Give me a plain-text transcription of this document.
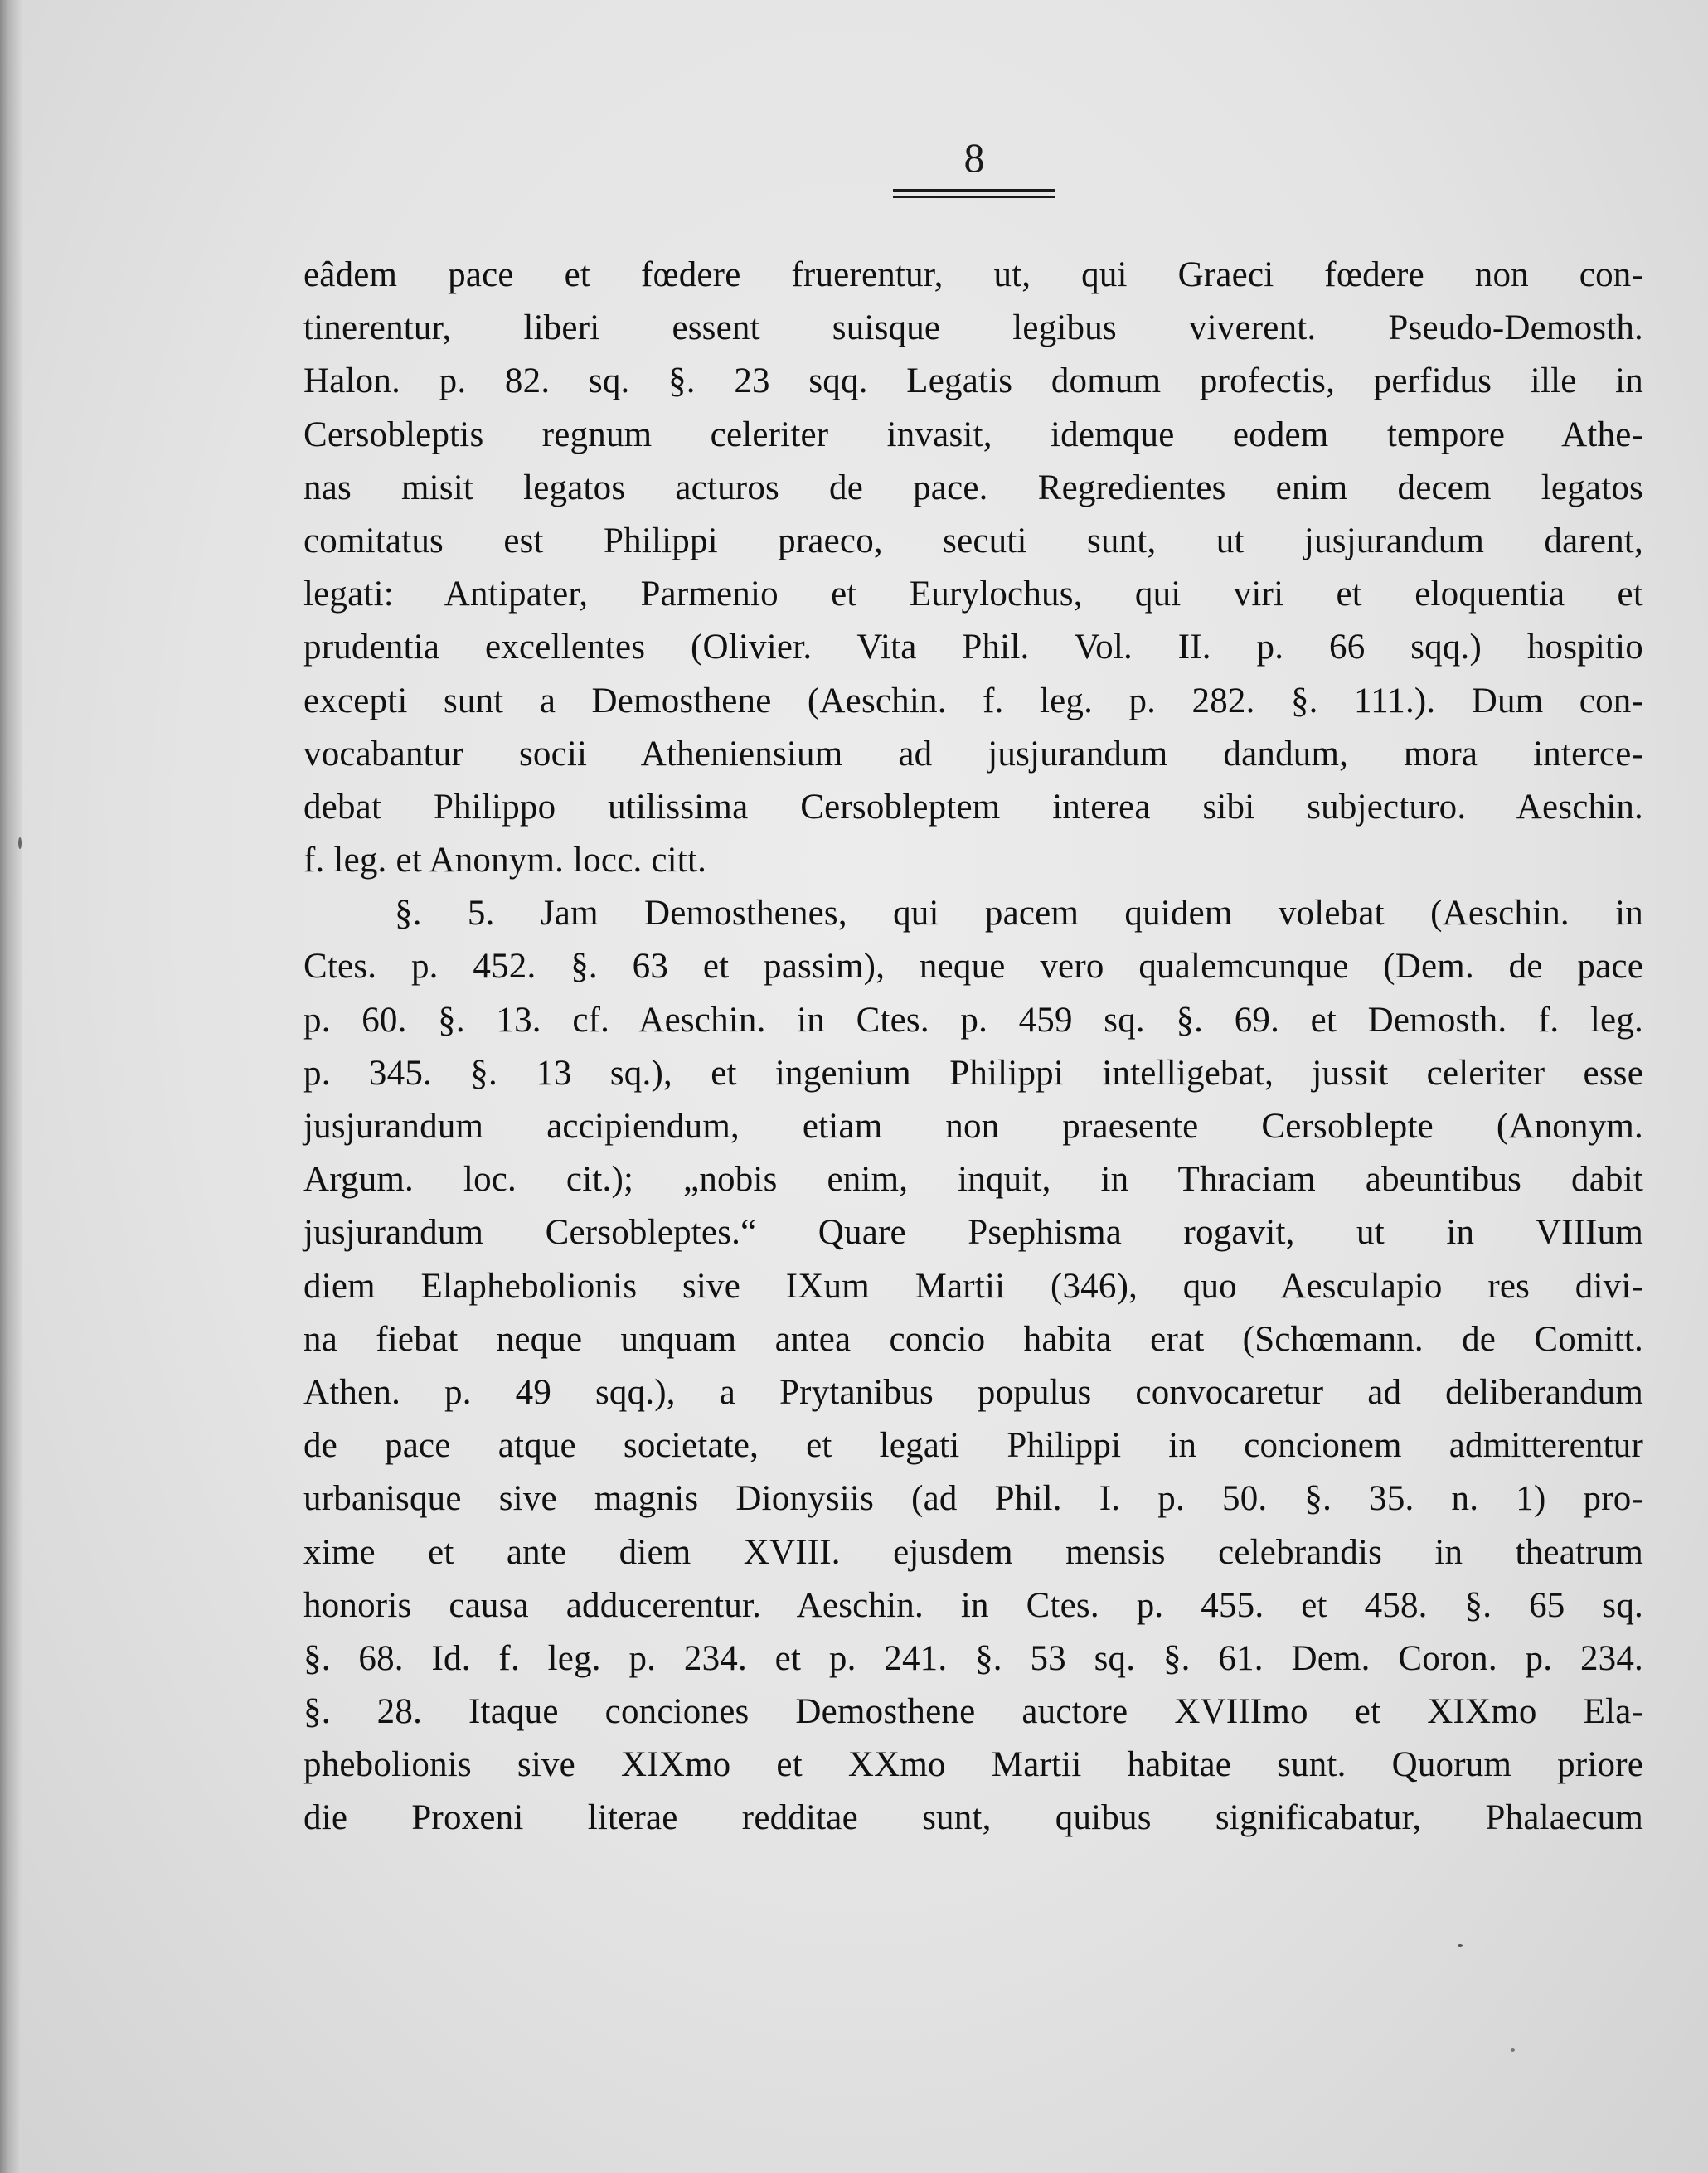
8
eâdem pace et fœdere fruerentur, ut, qui Graeci fœdere non con-
tinerentur, liberi essent suisque legibus viverent. Pseudo-Demosth.
Halon. p. 82. sq. §. 23 sqq. Legatis domum profectis, perfidus ille in
Cersobleptis regnum celeriter invasit, idemque eodem tempore Athe-
nas misit legatos acturos de pace. Regredientes enim decem legatos
comitatus est Philippi praeco, secuti sunt, ut jusjurandum darent,
legati: Antipater, Parmenio et Eurylochus, qui viri et eloquentia et
prudentia excellentes (Olivier. Vita Phil. Vol. II. p. 66 sqq.) hospitio
excepti sunt a Demosthene (Aeschin. f. leg. p. 282. §. 111.). Dum con-
vocabantur socii Atheniensium ad jusjurandum dandum, mora interce-
debat Philippo utilissima Cersobleptem interea sibi subjecturo. Aeschin.
f. leg. et Anonym. locc. citt.
§. 5. Jam Demosthenes, qui pacem quidem volebat (Aeschin. in
Ctes. p. 452. §. 63 et passim), neque vero qualemcunque (Dem. de pace
p. 60. §. 13. cf. Aeschin. in Ctes. p. 459 sq. §. 69. et Demosth. f. leg.
p. 345. §. 13 sq.), et ingenium Philippi intelligebat, jussit celeriter esse
jusjurandum accipiendum, etiam non praesente Cersoblepte (Anonym.
Argum. loc. cit.); „nobis enim, inquit, in Thraciam abeuntibus dabit
jusjurandum Cersobleptes.“ Quare Psephisma rogavit, ut in VIIIum
diem Elaphebolionis sive IXum Martii (346), quo Aesculapio res divi-
na fiebat neque unquam antea concio habita erat (Schœmann. de Comitt.
Athen. p. 49 sqq.), a Prytanibus populus convocaretur ad deliberandum
de pace atque societate, et legati Philippi in concionem admitterentur
urbanisque sive magnis Dionysiis (ad Phil. I. p. 50. §. 35. n. 1) pro-
xime et ante diem XVIII. ejusdem mensis celebrandis in theatrum
honoris causa adducerentur. Aeschin. in Ctes. p. 455. et 458. §. 65 sq.
§. 68. Id. f. leg. p. 234. et p. 241. §. 53 sq. §. 61. Dem. Coron. p. 234.
§. 28. Itaque conciones Demosthene auctore XVIIImo et XIXmo Ela-
phebolionis sive XIXmo et XXmo Martii habitae sunt. Quorum priore
die Proxeni literae redditae sunt, quibus significabatur, Phalaecum
